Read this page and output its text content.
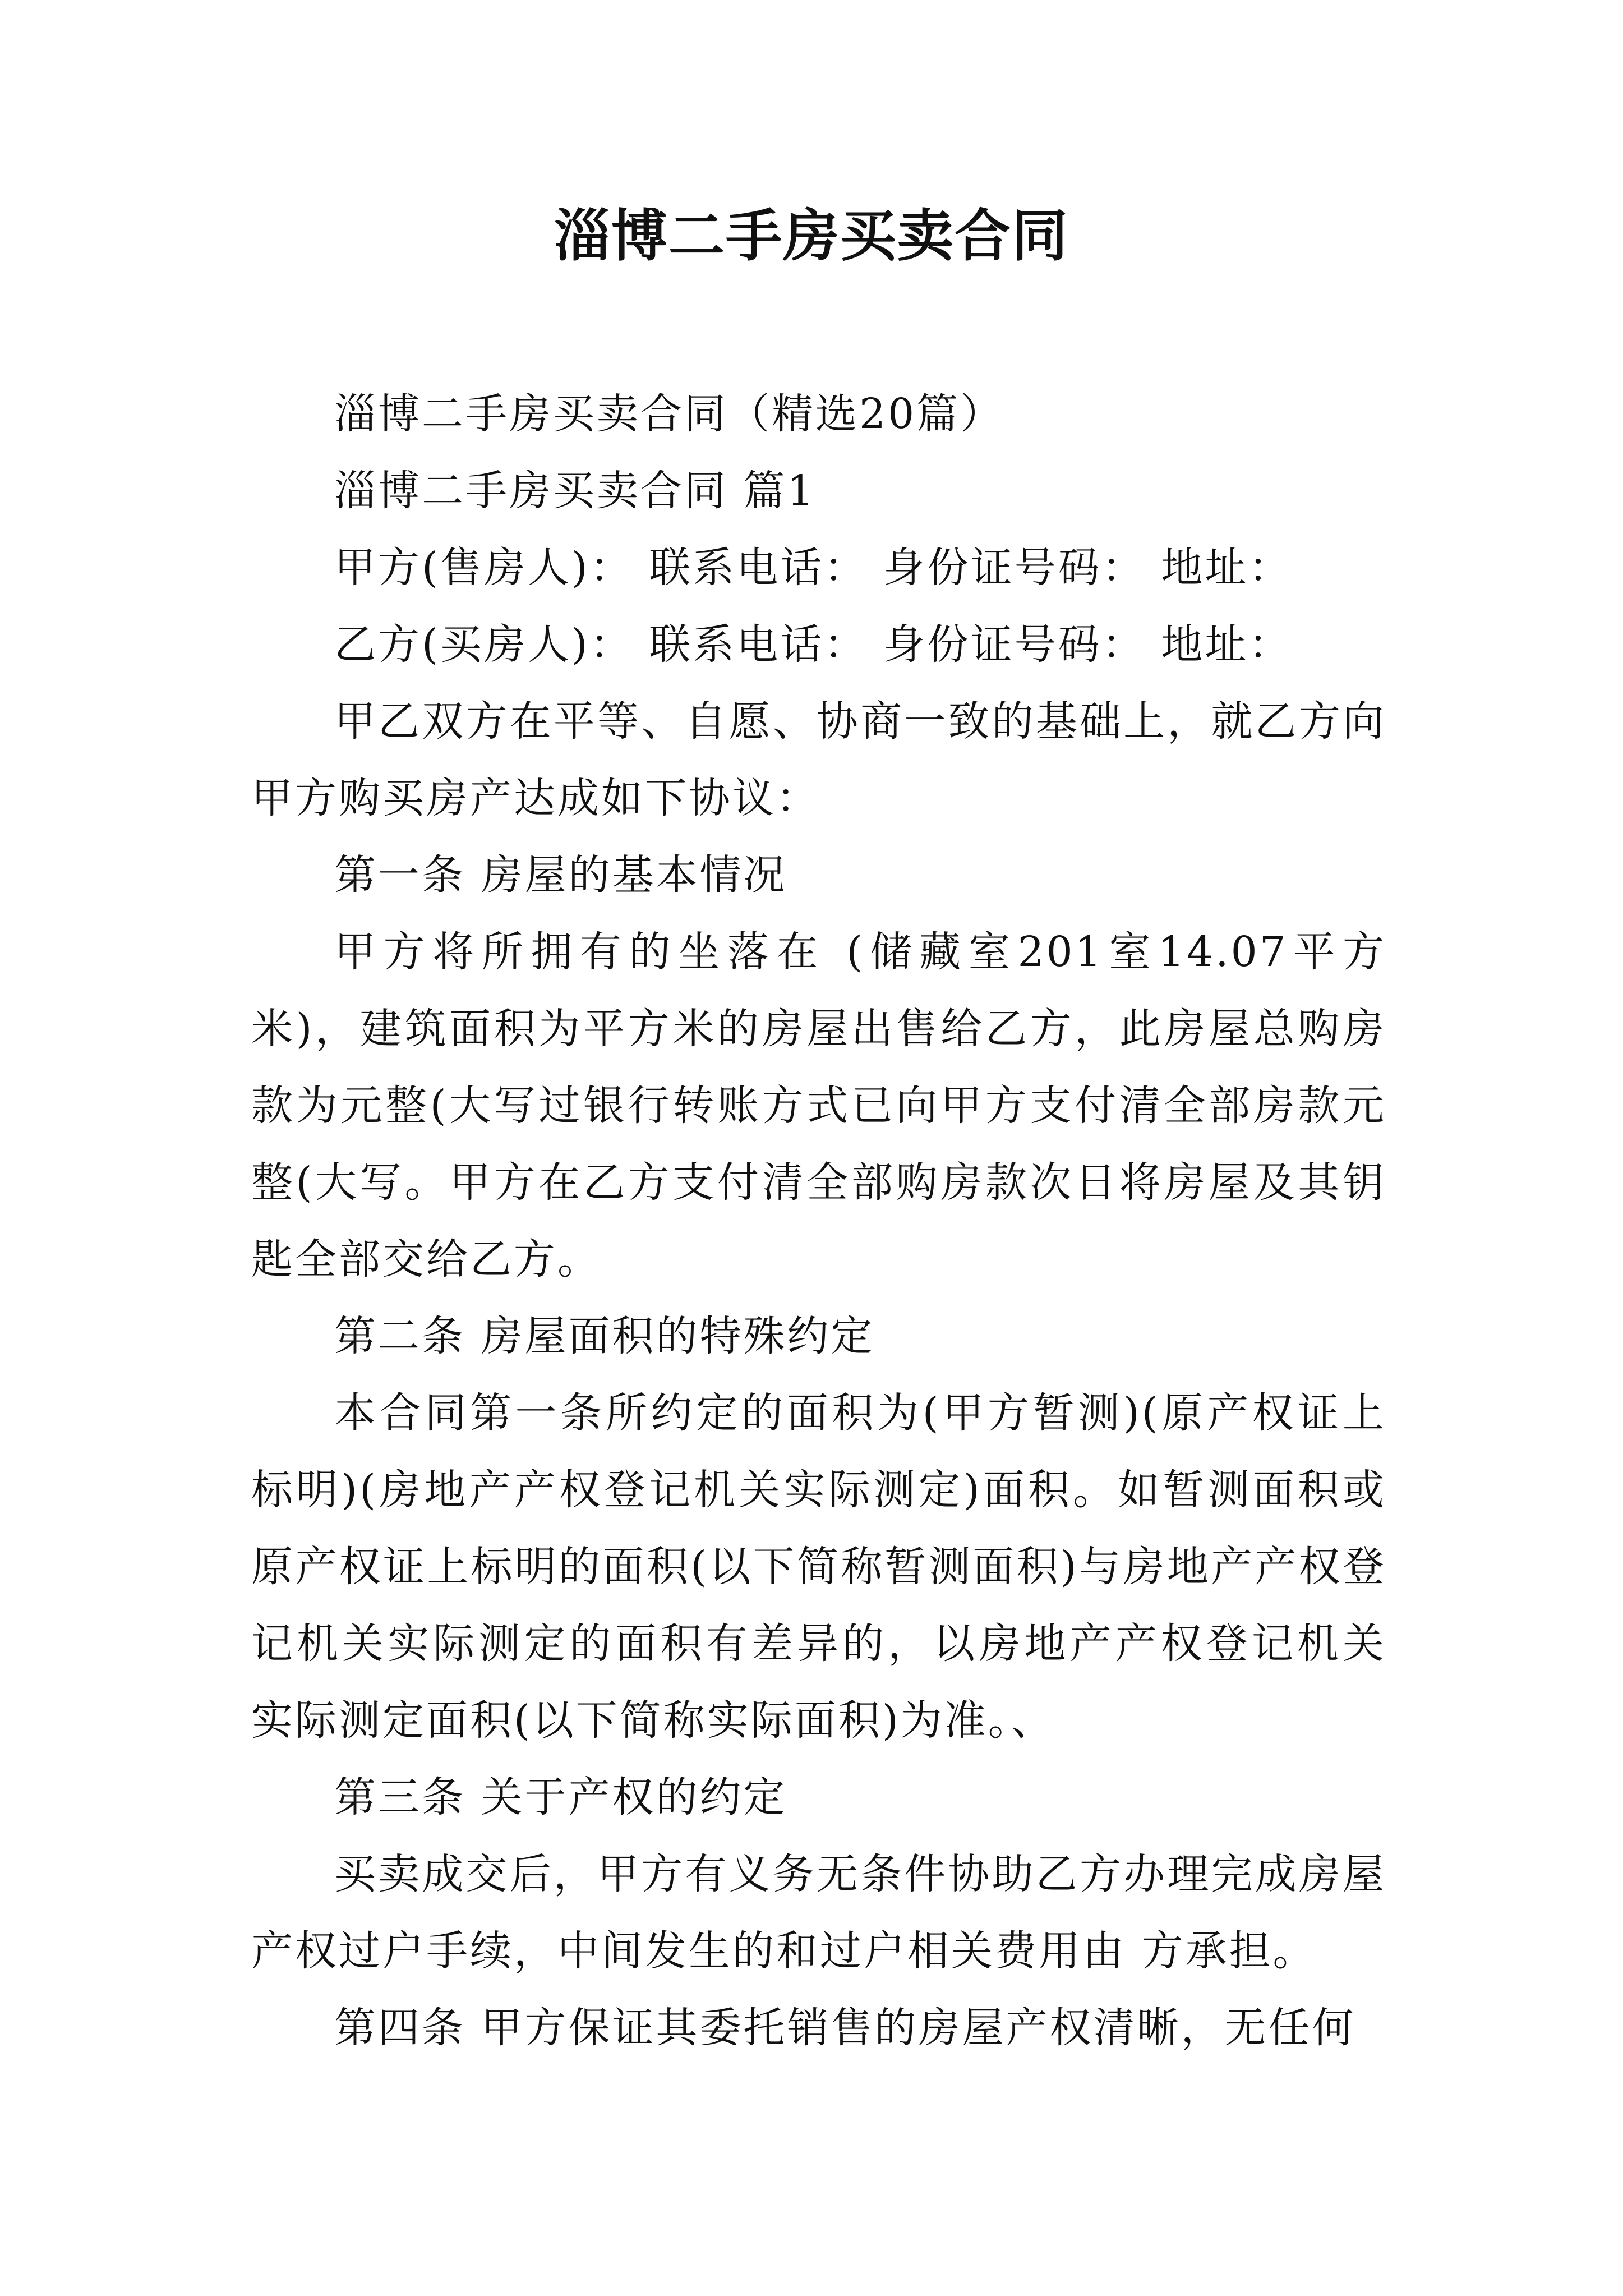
淄博二手房买卖合同

淄博二手房买卖合同（精选20篇）

淄博二手房买卖合同 篇1

甲方(售房人)： 联系电话： 身份证号码： 地址：

乙方(买房人)： 联系电话： 身份证号码： 地址：

甲乙双方在平等、自愿、协商一致的基础上，就乙方向甲方购买房产达成如下协议：

第一条 房屋的基本情况

甲方将所拥有的坐落在 (储藏室201室14.07平方米)，建筑面积为平方米的房屋出售给乙方，此房屋总购房款为元整(大写过银行转账方式已向甲方支付清全部房款元整(大写。甲方在乙方支付清全部购房款次日将房屋及其钥匙全部交给乙方。

第二条 房屋面积的特殊约定

本合同第一条所约定的面积为(甲方暂测)(原产权证上标明)(房地产产权登记机关实际测定)面积。如暂测面积或原产权证上标明的面积(以下简称暂测面积)与房地产产权登记机关实际测定的面积有差异的，以房地产产权登记机关实际测定面积(以下简称实际面积)为准。、

第三条 关于产权的约定

买卖成交后，甲方有义务无条件协助乙方办理完成房屋产权过户手续，中间发生的和过户相关费用由 方承担。

第四条 甲方保证其委托销售的房屋产权清晰，无任何
